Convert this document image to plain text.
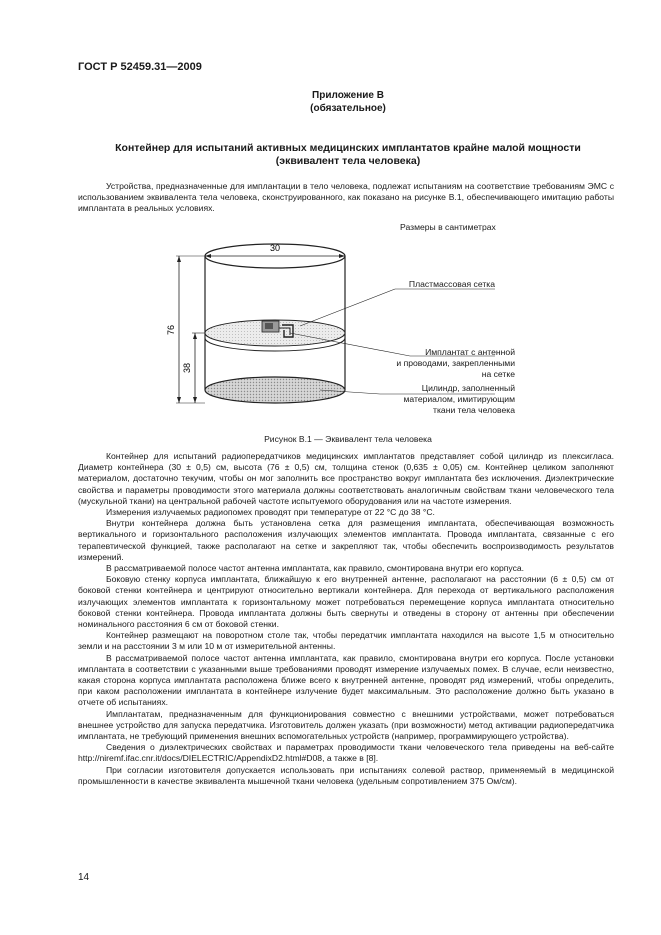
ГОСТ Р 52459.31—2009
Приложение В
(обязательное)
Контейнер для испытаний активных медицинских имплантатов крайне малой мощности
(эквивалент тела человека)

Устройства, предназначенные для имплантации в тело человека, подлежат испытаниям на соответствие требованиям ЭМС с использованием эквивалента тела человека, сконструированного, как показано на рисунке В.1, обеспечивающего имитацию работы имплантата в реальных условиях.

Размеры в сантиметрах
30
76
38
Пластмассовая сетка
Имплантат с антенной
и проводами, закрепленными
на сетке
Цилиндр, заполненный
материалом, имитирующим
ткани тела человека
Рисунок В.1 — Эквивалент тела человека

Контейнер для испытаний радиопередатчиков медицинских имплантатов представляет собой цилиндр из плексигласа. Диаметр контейнера (30 ± 0,5) см, высота (76 ± 0,5) см, толщина стенок (0,635 ± 0,05) см. Контейнер целиком заполняют материалом, достаточно текучим, чтобы он мог заполнить все пространство вокруг имплантата без исключения. Диэлектрические свойства и параметры проводимости этого материала должны соответствовать аналогичным свойствам ткани человеческого тела (мускульной ткани) на центральной рабочей частоте испытуемого оборудования или на частоте измерения.

Измерения излучаемых радиопомех проводят при температуре от 22 °С до 38 °С.

Внутри контейнера должна быть установлена сетка для размещения имплантата, обеспечивающая возможность вертикального и горизонтального расположения излучающих элементов имплантата. Провода имплантата, связанные с его терапевтической функцией, также располагают на сетке и закрепляют так, чтобы обеспечить воспроизводимость результатов измерений.

В рассматриваемой полосе частот антенна имплантата, как правило, смонтирована внутри его корпуса.

Боковую стенку корпуса имплантата, ближайшую к его внутренней антенне, располагают на расстоянии (6 ± 0,5) см от боковой стенки контейнера и центрируют относительно вертикали контейнера. Для перехода от вертикального расположения излучающих элементов имплантата к горизонтальному может потребоваться перемещение корпуса имплантата относительно боковой стенки контейнера. Провода имплантата должны быть свернуты и отведены в сторону от антенны при обеспечении номинального расстояния 6 см от боковой стенки.

Контейнер размещают на поворотном столе так, чтобы передатчик имплантата находился на высоте 1,5 м относительно земли и на расстоянии 3 м или 10 м от измерительной антенны.

В рассматриваемой полосе частот антенна имплантата, как правило, смонтирована внутри его корпуса. После установки имплантата в соответствии с указанными выше требованиями проводят измерение излучаемых помех. В случае, если неизвестно, какая сторона корпуса имплантата расположена ближе всего к внутренней антенне, проводят ряд измерений, чтобы определить, при каком расположении имплантата в контейнере излучение будет максимальным. Это расположение должно быть указано в отчете об испытаниях.

Имплантатам, предназначенным для функционирования совместно с внешними устройствами, может потребоваться внешнее устройство для запуска передатчика. Изготовитель должен указать (при возможности) метод активации радиопередатчика имплантата, не требующий применения внешних вспомогательных устройств (например, программирующего устройства).

Сведения о диэлектрических свойствах и параметрах проводимости ткани человеческого тела приведены на веб-сайте http://niremf.ifac.cnr.it/docs/DIELECTRIC/AppendixD2.html#D08, а также в [8].

При согласии изготовителя допускается использовать при испытаниях солевой раствор, применяемый в медицинской промышленности в качестве эквивалента мышечной ткани человека (удельным сопротивлением 375 Ом/см).

14
